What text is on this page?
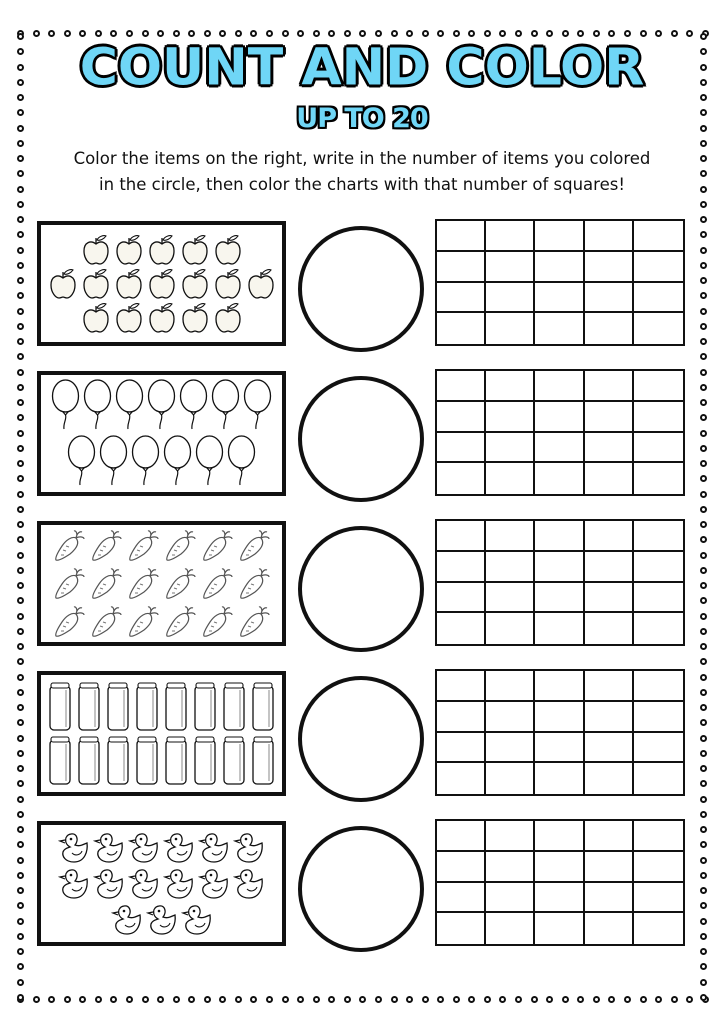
COUNT AND COLOR
UP TO 20
Color the items on the right, write in the number of items you colored
in the circle, then color the charts with that number of squares!
